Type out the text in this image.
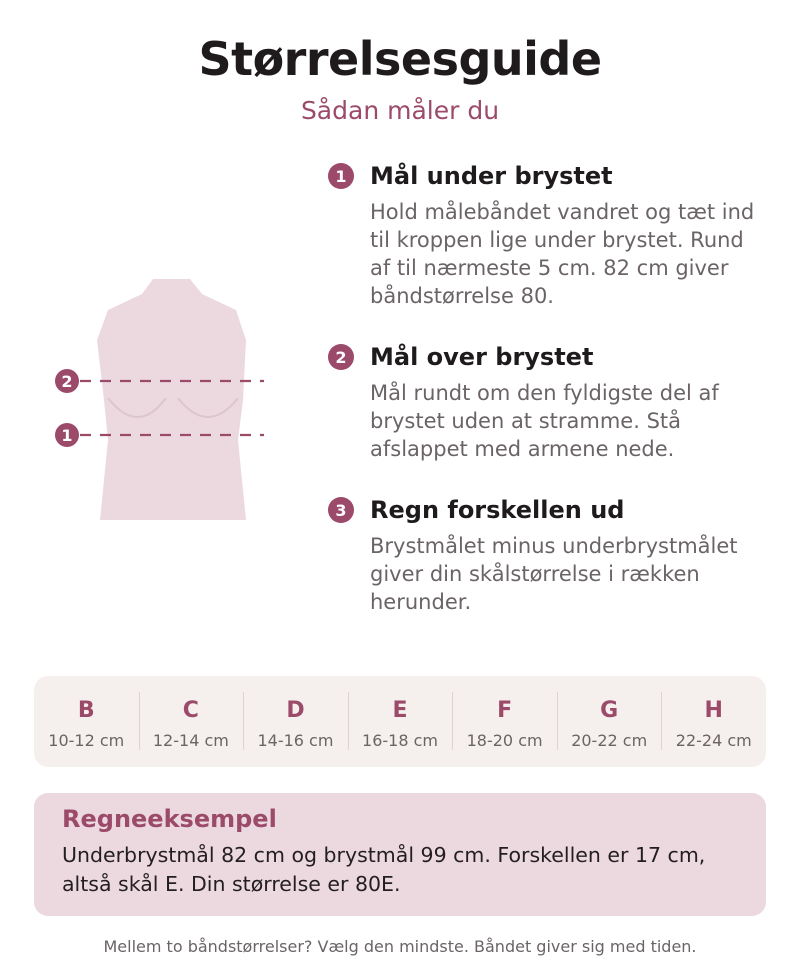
Størrelsesguide
Sådan måler du
2
1
1 Mål under brystet
Hold målebåndet vandret og tæt ind til kroppen lige under brystet. Rund af til nærmeste 5 cm. 82 cm giver båndstørrelse 80.
2 Mål over brystet
Mål rundt om den fyldigste del af brystet uden at stramme. Stå afslappet med armene nede.
3 Regn forskellen ud
Brystmålet minus underbrystmålet giver din skålstørrelse i rækken herunder.
B
10-12 cm
C
12-14 cm
D
14-16 cm
E
16-18 cm
F
18-20 cm
G
20-22 cm
H
22-24 cm
Regneeksempel
Underbrystmål 82 cm og brystmål 99 cm. Forskellen er 17 cm, altså skål E. Din størrelse er 80E.
Mellem to båndstørrelser? Vælg den mindste. Båndet giver sig med tiden.
